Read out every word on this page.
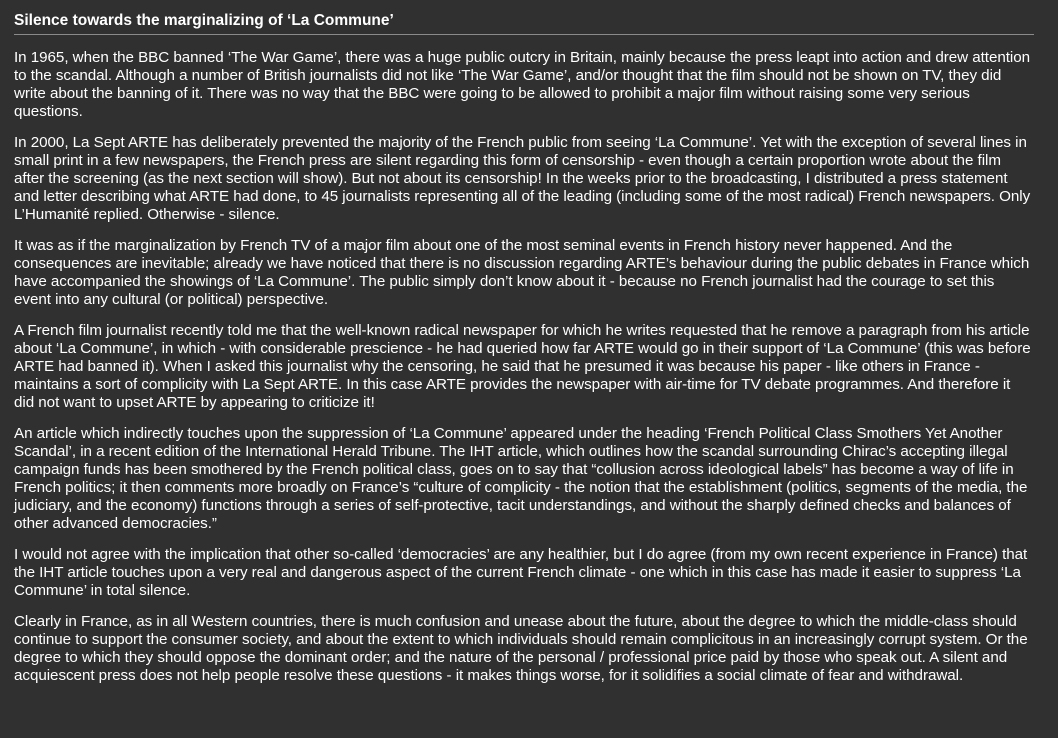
Silence towards the marginalizing of ‘La Commune’

In 1965, when the BBC banned ‘The War Game’, there was a huge public outcry in Britain, mainly because the press leapt into action and drew attention to the scandal. Although a number of British journalists did not like ‘The War Game’, and/or thought that the film should not be shown on TV, they did write about the banning of it. There was no way that the BBC were going to be allowed to prohibit a major film without raising some very serious questions.

In 2000, La Sept ARTE has deliberately prevented the majority of the French public from seeing ‘La Commune’. Yet with the exception of several lines in small print in a few newspapers, the French press are silent regarding this form of censorship - even though a certain proportion wrote about the film after the screening (as the next section will show). But not about its censorship! In the weeks prior to the broadcasting, I distributed a press statement and letter describing what ARTE had done, to 45 journalists representing all of the leading (including some of the most radical) French newspapers. Only L’Humanité replied. Otherwise - silence.

It was as if the marginalization by French TV of a major film about one of the most seminal events in French history never happened. And the consequences are inevitable; already we have noticed that there is no discussion regarding ARTE’s behaviour during the public debates in France which have accompanied the showings of ‘La Commune’. The public simply don’t know about it - because no French journalist had the courage to set this event into any cultural (or political) perspective.

A French film journalist recently told me that the well-known radical newspaper for which he writes requested that he remove a paragraph from his article about ‘La Commune’, in which - with considerable prescience - he had queried how far ARTE would go in their support of ‘La Commune’ (this was before ARTE had banned it). When I asked this journalist why the censoring, he said that he presumed it was because his paper - like others in France - maintains a sort of complicity with La Sept ARTE. In this case ARTE provides the newspaper with air-time for TV debate programmes. And therefore it did not want to upset ARTE by appearing to criticize it!

An article which indirectly touches upon the suppression of ‘La Commune’ appeared under the heading ‘French Political Class Smothers Yet Another Scandal’, in a recent edition of the International Herald Tribune. The IHT article, which outlines how the scandal surrounding Chirac’s accepting illegal campaign funds has been smothered by the French political class, goes on to say that “collusion across ideological labels” has become a way of life in French politics; it then comments more broadly on France’s “culture of complicity - the notion that the establishment (politics, segments of the media, the judiciary, and the economy) functions through a series of self-protective, tacit understandings, and without the sharply defined checks and balances of other advanced democracies.”

I would not agree with the implication that other so-called ‘democracies’ are any healthier, but I do agree (from my own recent experience in France) that the IHT article touches upon a very real and dangerous aspect of the current French climate - one which in this case has made it easier to suppress ‘La Commune’ in total silence.

Clearly in France, as in all Western countries, there is much confusion and unease about the future, about the degree to which the middle-class should continue to support the consumer society, and about the extent to which individuals should remain complicitous in an increasingly corrupt system. Or the degree to which they should oppose the dominant order; and the nature of the personal / professional price paid by those who speak out. A silent and acquiescent press does not help people resolve these questions - it makes things worse, for it solidifies a social climate of fear and withdrawal.
